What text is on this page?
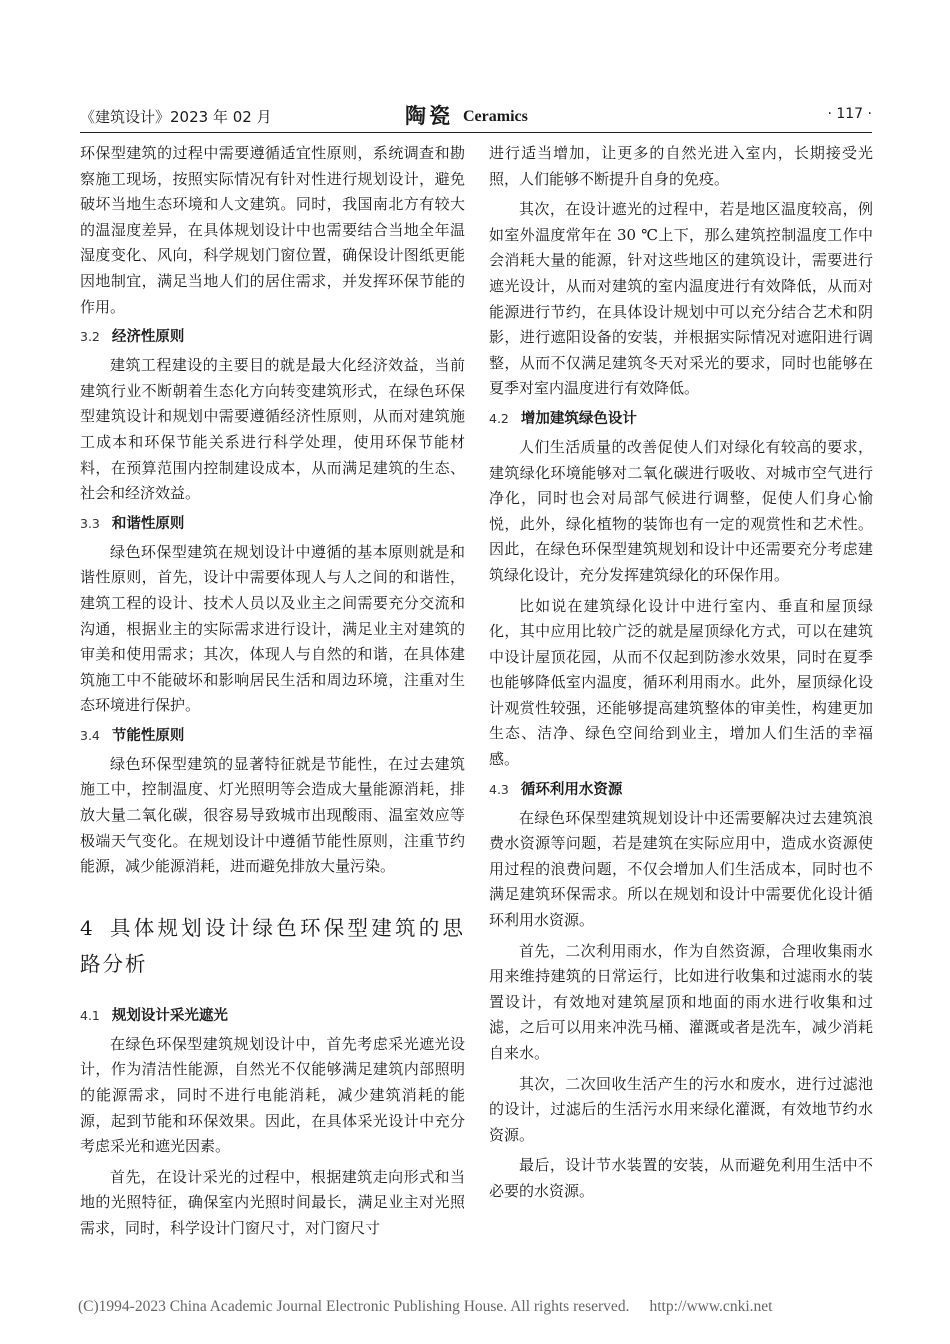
《建筑设计》2023 年 02 月	陶瓷 Ceramics	· 117 ·

环保型建筑的过程中需要遵循适宜性原则，系统调查和勘察施工现场，按照实际情况有针对性进行规划设计，避免破坏当地生态环境和人文建筑。同时，我国南北方有较大的温湿度差异，在具体规划设计中也需要结合当地全年温湿度变化、风向，科学规划门窗位置，确保设计图纸更能因地制宜，满足当地人们的居住需求，并发挥环保节能的作用。

3.2 经济性原则

建筑工程建设的主要目的就是最大化经济效益，当前建筑行业不断朝着生态化方向转变建筑形式，在绿色环保型建筑设计和规划中需要遵循经济性原则，从而对建筑施工成本和环保节能关系进行科学处理，使用环保节能材料，在预算范围内控制建设成本，从而满足建筑的生态、社会和经济效益。

3.3 和谐性原则

绿色环保型建筑在规划设计中遵循的基本原则就是和谐性原则，首先，设计中需要体现人与人之间的和谐性，建筑工程的设计、技术人员以及业主之间需要充分交流和沟通，根据业主的实际需求进行设计，满足业主对建筑的审美和使用需求；其次，体现人与自然的和谐，在具体建筑施工中不能破坏和影响居民生活和周边环境，注重对生态环境进行保护。

3.4 节能性原则

绿色环保型建筑的显著特征就是节能性，在过去建筑施工中，控制温度、灯光照明等会造成大量能源消耗，排放大量二氧化碳，很容易导致城市出现酸雨、温室效应等极端天气变化。在规划设计中遵循节能性原则，注重节约能源，减少能源消耗，进而避免排放大量污染。

4 具体规划设计绿色环保型建筑的思路分析
4.1 规划设计采光遮光

在绿色环保型建筑规划设计中，首先考虑采光遮光设计，作为清洁性能源，自然光不仅能够满足建筑内部照明的能源需求，同时不进行电能消耗，减少建筑消耗的能源，起到节能和环保效果。因此，在具体采光设计中充分考虑采光和遮光因素。

首先，在设计采光的过程中，根据建筑走向形式和当地的光照特征，确保室内光照时间最长，满足业主对光照需求，同时，科学设计门窗尺寸，对门窗尺寸

进行适当增加，让更多的自然光进入室内，长期接受光照，人们能够不断提升自身的免疫。

其次，在设计遮光的过程中，若是地区温度较高，例如室外温度常年在 30 ℃上下，那么建筑控制温度工作中会消耗大量的能源，针对这些地区的建筑设计，需要进行遮光设计，从而对建筑的室内温度进行有效降低，从而对能源进行节约，在具体设计规划中可以充分结合艺术和阴影，进行遮阳设备的安装，并根据实际情况对遮阳进行调整，从而不仅满足建筑冬天对采光的要求，同时也能够在夏季对室内温度进行有效降低。

4.2 增加建筑绿色设计

人们生活质量的改善促使人们对绿化有较高的要求，建筑绿化环境能够对二氧化碳进行吸收、对城市空气进行净化，同时也会对局部气候进行调整，促使人们身心愉悦，此外，绿化植物的装饰也有一定的观赏性和艺术性。因此，在绿色环保型建筑规划和设计中还需要充分考虑建筑绿化设计，充分发挥建筑绿化的环保作用。

比如说在建筑绿化设计中进行室内、垂直和屋顶绿化，其中应用比较广泛的就是屋顶绿化方式，可以在建筑中设计屋顶花园，从而不仅起到防渗水效果，同时在夏季也能够降低室内温度，循环利用雨水。此外，屋顶绿化设计观赏性较强，还能够提高建筑整体的审美性，构建更加生态、洁净、绿色空间给到业主，增加人们生活的幸福感。

4.3 循环利用水资源

在绿色环保型建筑规划设计中还需要解决过去建筑浪费水资源等问题，若是建筑在实际应用中，造成水资源使用过程的浪费问题，不仅会增加人们生活成本，同时也不满足建筑环保需求。所以在规划和设计中需要优化设计循环利用水资源。

首先，二次利用雨水，作为自然资源，合理收集雨水用来维持建筑的日常运行，比如进行收集和过滤雨水的装置设计，有效地对建筑屋顶和地面的雨水进行收集和过滤，之后可以用来冲洗马桶、灌溉或者是洗车，减少消耗自来水。

其次，二次回收生活产生的污水和废水，进行过滤池的设计，过滤后的生活污水用来绿化灌溉，有效地节约水资源。

最后，设计节水装置的安装，从而避免利用生活中不必要的水资源。

(C)1994-2023 China Academic Journal Electronic Publishing House. All rights reserved. http://www.cnki.net
